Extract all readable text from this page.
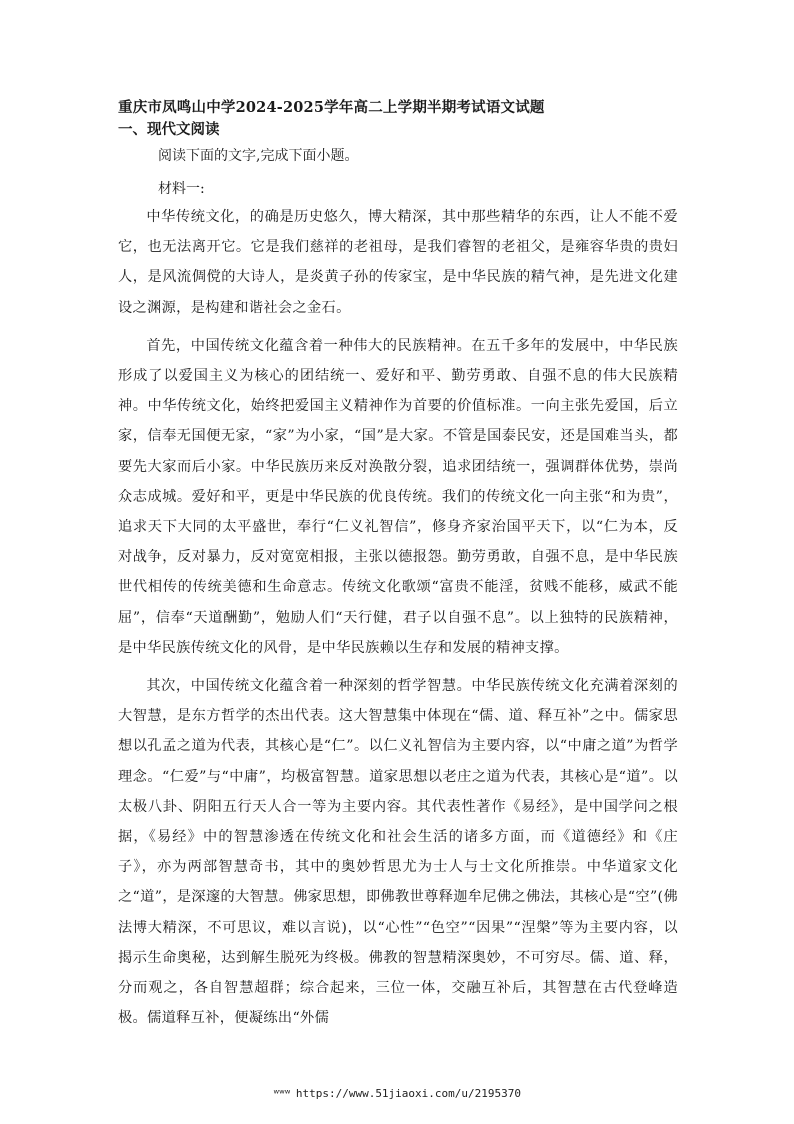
重庆市凤鸣山中学2024-2025学年高二上学期半期考试语文试题
一、现代文阅读
阅读下面的文字,完成下面小题。
材料一:

中华传统文化，的确是历史悠久，博大精深，其中那些精华的东西，让人不能不爱它，也无法离开它。它是我们慈祥的老祖母，是我们睿智的老祖父，是雍容华贵的贵妇人，是风流倜傥的大诗人，是炎黄子孙的传家宝，是中华民族的精气神，是先进文化建设之渊源，是构建和谐社会之金石。

首先，中国传统文化蕴含着一种伟大的民族精神。在五千多年的发展中，中华民族形成了以爱国主义为核心的团结统一、爱好和平、勤劳勇敢、自强不息的伟大民族精神。中华传统文化，始终把爱国主义精神作为首要的价值标准。一向主张先爱国，后立家，信奉无国便无家，“家”为小家，“国”是大家。不管是国泰民安，还是国难当头，都要先大家而后小家。中华民族历来反对涣散分裂，追求团结统一，强调群体优势，崇尚众志成城。爱好和平，更是中华民族的优良传统。我们的传统文化一向主张“和为贵”，追求天下大同的太平盛世，奉行“仁义礼智信”，修身齐家治国平天下，以“仁为本，反对战争，反对暴力，反对宽宽相报，主张以德报怨。勤劳勇敢，自强不息，是中华民族世代相传的传统美德和生命意志。传统文化歌颂“富贵不能淫，贫贱不能移，威武不能屈”，信奉“天道酬勤”，勉励人们“天行健，君子以自强不息”。以上独特的民族精神，是中华民族传统文化的风骨，是中华民族赖以生存和发展的精神支撑。

其次，中国传统文化蕴含着一种深刻的哲学智慧。中华民族传统文化充满着深刻的大智慧，是东方哲学的杰出代表。这大智慧集中体现在“儒、道、释互补”之中。儒家思想以孔孟之道为代表，其核心是“仁”。以仁义礼智信为主要内容，以“中庸之道”为哲学理念。“仁爱”与“中庸”，均极富智慧。道家思想以老庄之道为代表，其核心是“道”。以太极八卦、阴阳五行天人合一等为主要内容。其代表性著作《易经》，是中国学问之根据，《易经》中的智慧渗透在传统文化和社会生活的诸多方面，而《道德经》和《庄子》，亦为两部智慧奇书，其中的奥妙哲思尤为士人与士文化所推崇。中华道家文化之“道”，是深邃的大智慧。佛家思想，即佛教世尊释迦牟尼佛之佛法，其核心是“空”(佛法博大精深，不可思议，难以言说)，以“心性”“色空”“因果”“涅槃”等为主要内容，以揭示生命奥秘，达到解生脱死为终极。佛教的智慧精深奥妙，不可穷尽。儒、道、释，分而观之，各自智慧超群；综合起来，三位一体，交融互补后，其智慧在古代登峰造极。儒道释互补，便凝练出“外儒

ʷʷʷ https://www.51jiaoxi.com/u/2195370
